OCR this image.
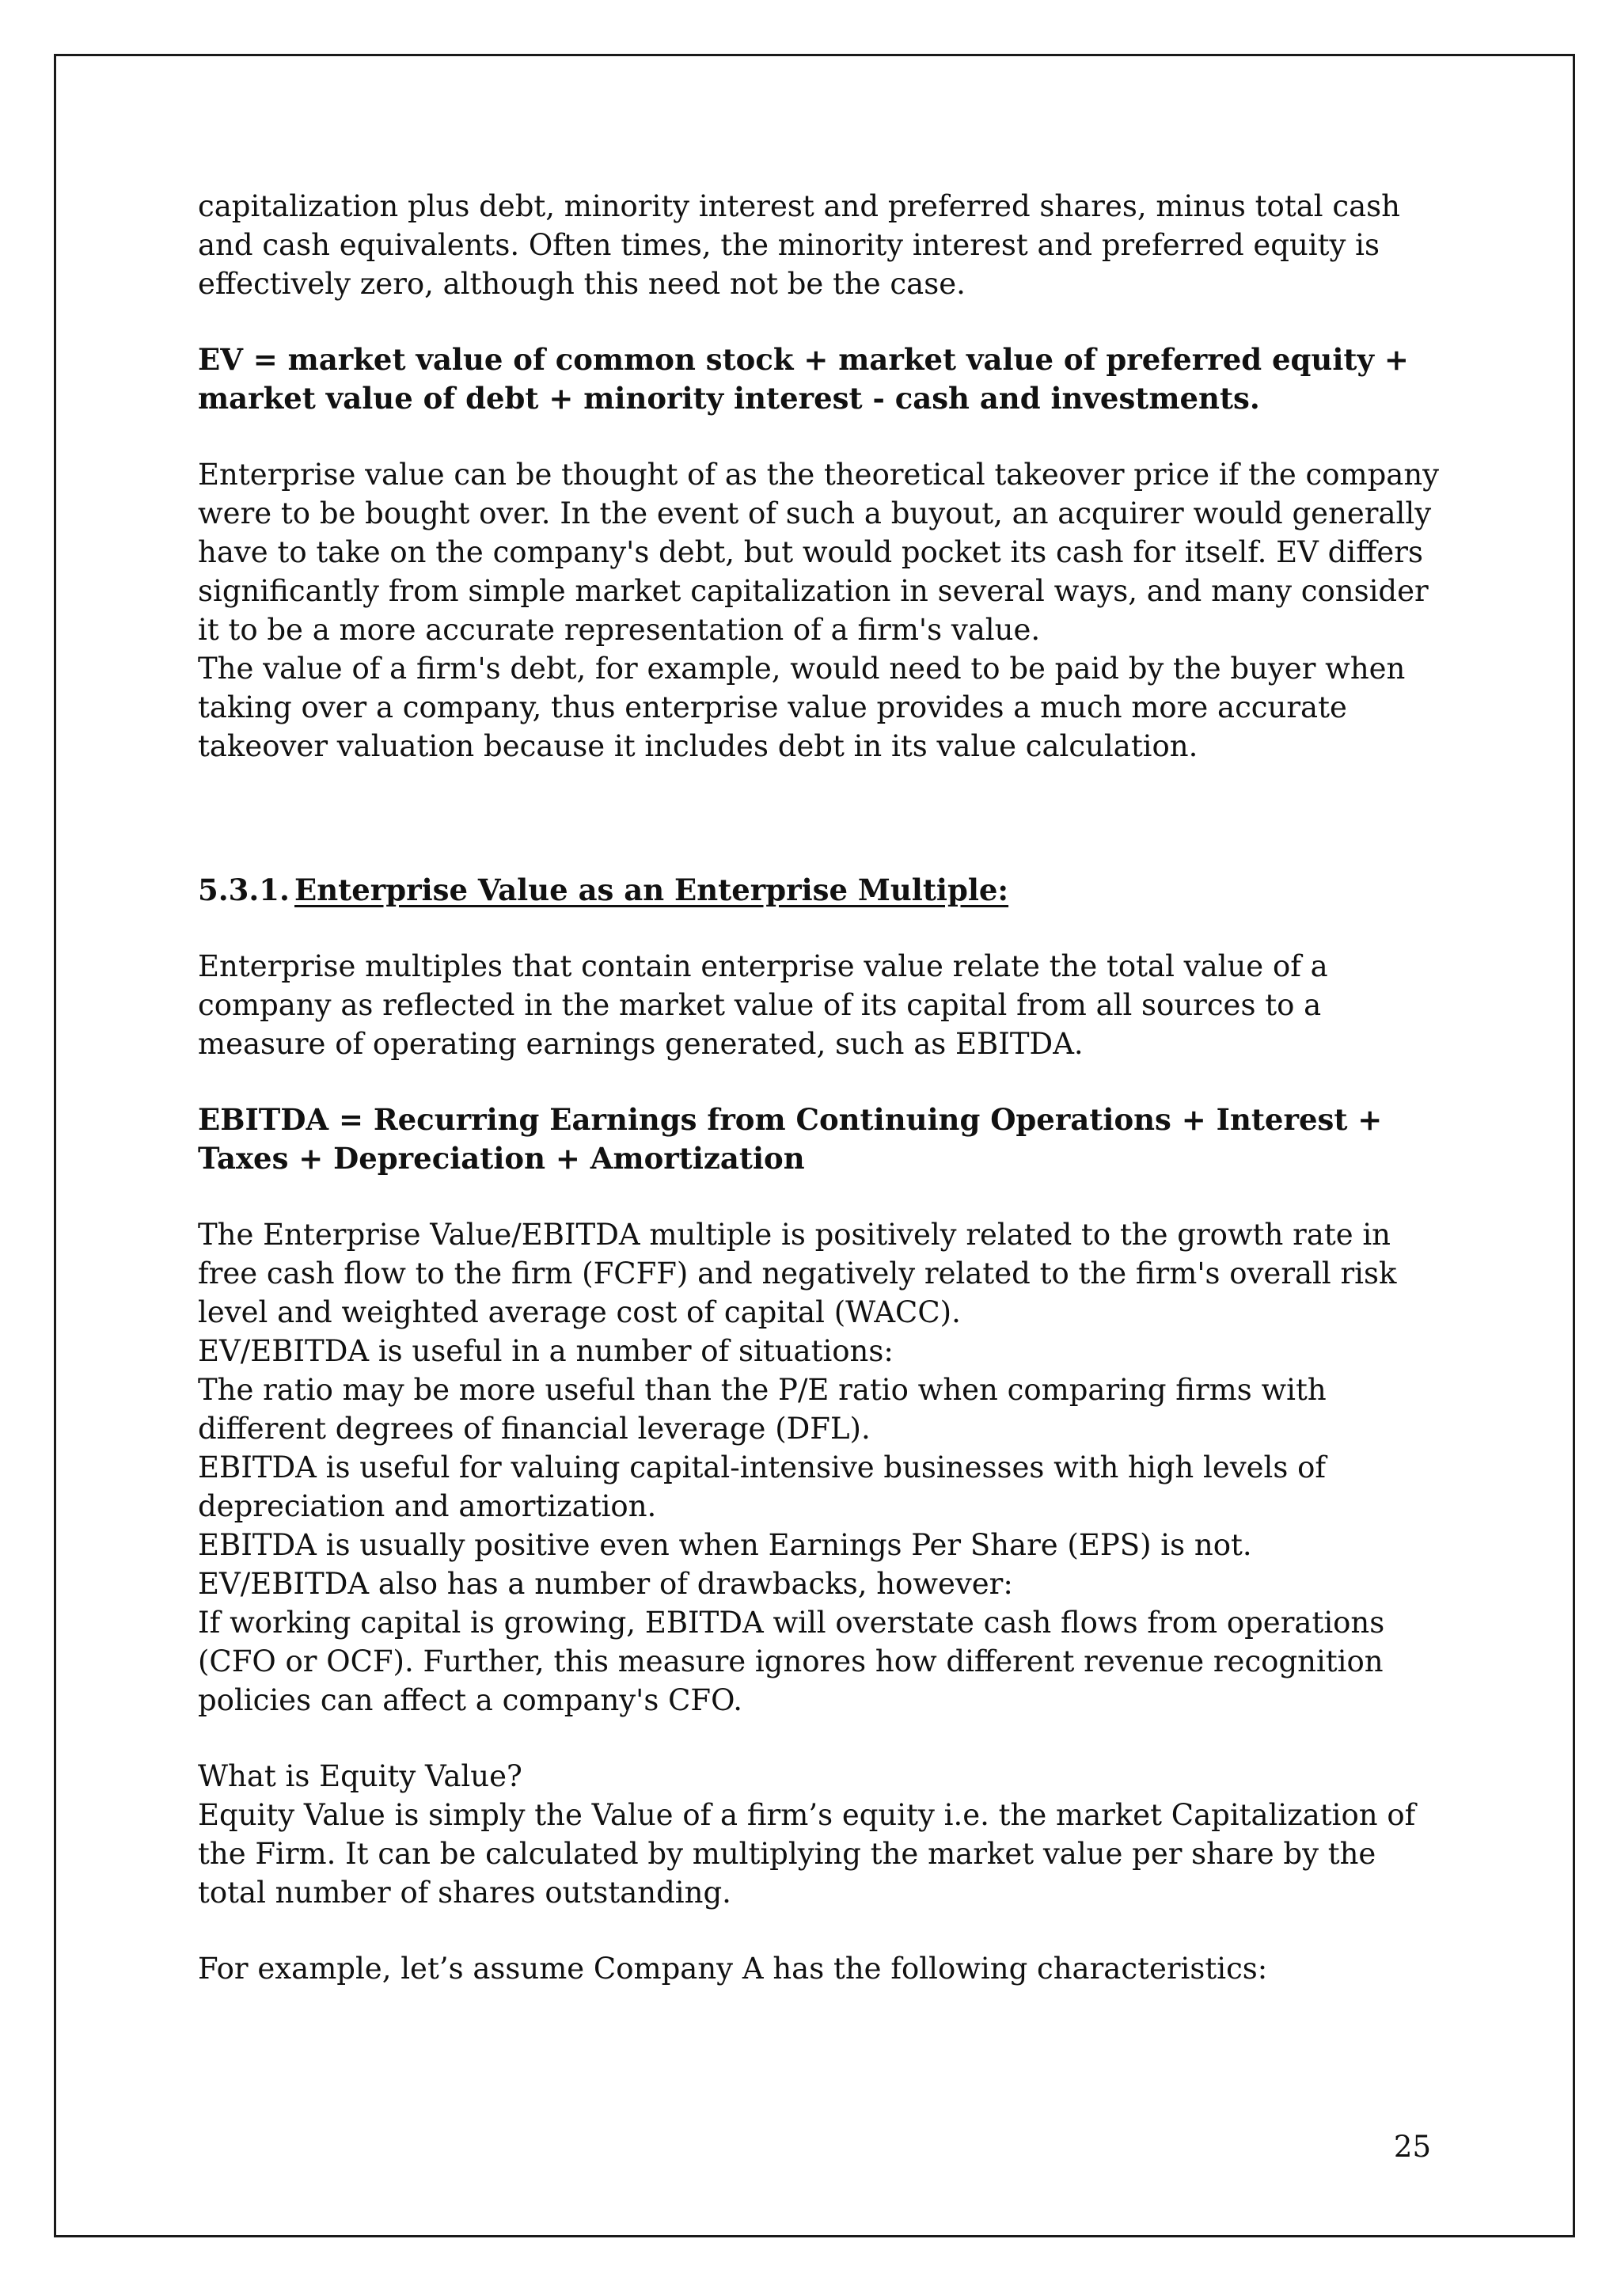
capitalization plus debt, minority interest and preferred shares, minus total cash and cash equivalents. Often times, the minority interest and preferred equity is effectively zero, although this need not be the case.

EV = market value of common stock + market value of preferred equity + market value of debt + minority interest - cash and investments.

Enterprise value can be thought of as the theoretical takeover price if the company were to be bought over. In the event of such a buyout, an acquirer would generally have to take on the company's debt, but would pocket its cash for itself. EV differs significantly from simple market capitalization in several ways, and many consider it to be a more accurate representation of a firm's value.

The value of a firm's debt, for example, would need to be paid by the buyer when taking over a company, thus enterprise value provides a much more accurate takeover valuation because it includes debt in its value calculation.

5.3.1. Enterprise Value as an Enterprise Multiple:

Enterprise multiples that contain enterprise value relate the total value of a company as reflected in the market value of its capital from all sources to a measure of operating earnings generated, such as EBITDA.

EBITDA = Recurring Earnings from Continuing Operations + Interest + Taxes + Depreciation + Amortization

The Enterprise Value/EBITDA multiple is positively related to the growth rate in free cash flow to the firm (FCFF) and negatively related to the firm's overall risk level and weighted average cost of capital (WACC).

EV/EBITDA is useful in a number of situations:

The ratio may be more useful than the P/E ratio when comparing firms with different degrees of financial leverage (DFL).

EBITDA is useful for valuing capital-intensive businesses with high levels of depreciation and amortization.

EBITDA is usually positive even when Earnings Per Share (EPS) is not.

EV/EBITDA also has a number of drawbacks, however:

If working capital is growing, EBITDA will overstate cash flows from operations (CFO or OCF). Further, this measure ignores how different revenue recognition policies can affect a company's CFO.

What is Equity Value?

Equity Value is simply the Value of a firm’s equity i.e. the market Capitalization of the Firm. It can be calculated by multiplying the market value per share by the total number of shares outstanding.

For example, let’s assume Company A has the following characteristics:

25
